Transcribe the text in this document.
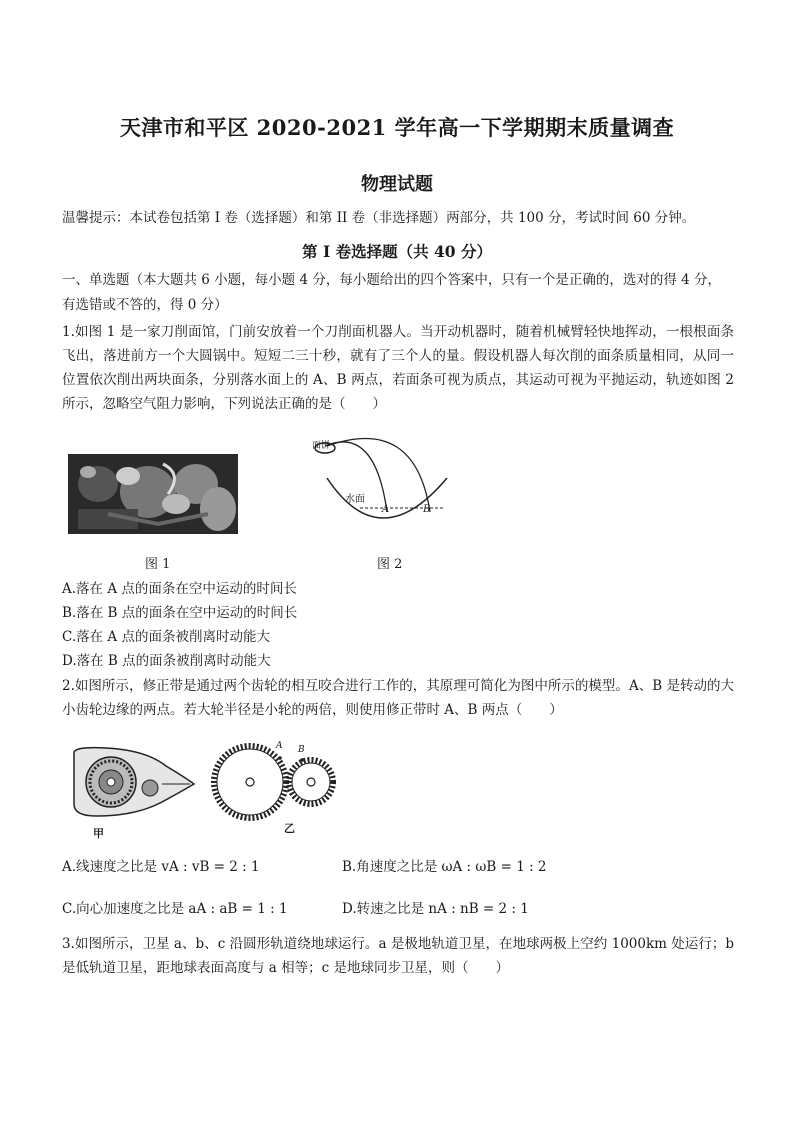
天津市和平区 2020-2021 学年高一下学期期末质量调查
物理试题
温馨提示：本试卷包括第 I 卷（选择题）和第 II 卷（非选择题）两部分，共 100 分，考试时间 60 分钟。
第 I 卷选择题（共 40 分）
一、单选题（本大题共 6 小题，每小题 4 分，每小题给出的四个答案中，只有一个是正确的，选对的得 4 分，
有选错或不答的，得 0 分）
1.如图 1 是一家刀削面馆，门前安放着一个刀削面机器人。当开动机器时，随着机械臂轻快地挥动，一根根面条飞出，落进前方一个大圆锅中。短短二三十秒，就有了三个人的量。假设机器人每次削的面条质量相同，从同一位置依次削出两块面条，分别落水面上的 A、B 两点，若面条可视为质点，其运动可视为平抛运动，轨迹如图 2 所示，忽略空气阻力影响，下列说法正确的是（　　）
图 1
面饼
水面
A	B
图 2
A.落在 A 点的面条在空中运动的时间长
B.落在 B 点的面条在空中运动的时间长
C.落在 A 点的面条被削离时动能大
D.落在 B 点的面条被削离时动能大
2.如图所示，修正带是通过两个齿轮的相互咬合进行工作的，其原理可简化为图中所示的模型。A、B 是转动的大小齿轮边缘的两点。若大轮半径是小轮的两倍，则使用修正带时 A、B 两点（　　）
甲
A B
乙
A.线速度之比是 vA : vB = 2 : 1	B.角速度之比是 ωA : ωB = 1 : 2
C.向心加速度之比是 aA : aB = 1 : 1	D.转速之比是 nA : nB = 2 : 1
3.如图所示，卫星 a、b、c 沿圆形轨道绕地球运行。a 是极地轨道卫星，在地球两极上空约 1000km 处运行；b 是低轨道卫星，距地球表面高度与 a 相等；c 是地球同步卫星，则（　　）
